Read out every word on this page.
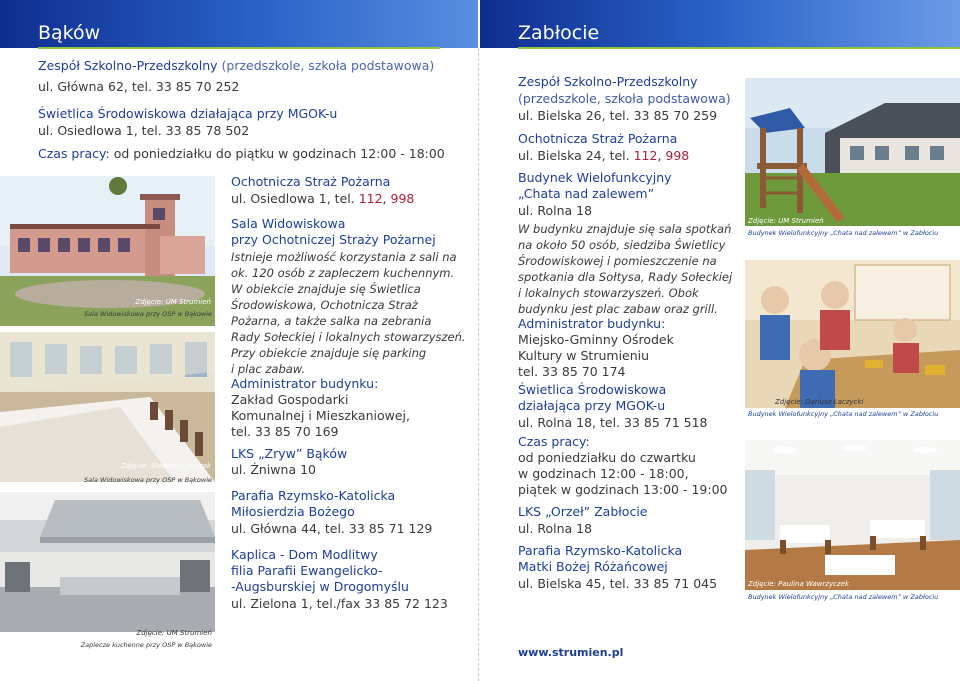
Bąków
Zespół Szkolno-Przedszkolny (przedszkole, szkoła podstawowa)
ul. Główna 62, tel. 33 85 70 252
Świetlica Środowiskowa działająca przy MGOK-u
ul. Osiedlowa 1, tel. 33 85 78 502
Czas pracy: od poniedziałku do piątku w godzinach 12:00 - 18:00
Zdjęcie: UM Strumień
Sala Widowiskowa przy OSP w Bąkowie
Zdjęcie: Sławomir Jurczak
Sala Widowiskowa przy OSP w Bąkowie
Zdjęcie: UM Strumień
Zaplecze kuchenne przy OSP w Bąkowie
Ochotnicza Straż Pożarna
ul. Osiedlowa 1, tel. 112, 998
Sala Widowiskowa
przy Ochotniczej Straży Pożarnej
Istnieje możliwość korzystania z sali na
ok. 120 osób z zapleczem kuchennym.
W obiekcie znajduje się Świetlica
Środowiskowa, Ochotnicza Straż
Pożarna, a także salka na zebrania
Rady Sołeckiej i lokalnych stowarzyszeń.
Przy obiekcie znajduje się parking
i plac zabaw.
Administrator budynku:
Zakład Gospodarki
Komunalnej i Mieszkaniowej,
tel. 33 85 70 169
LKS „Zryw” Bąków
ul. Żniwna 10
Parafia Rzymsko-Katolicka
Miłosierdzia Bożego
ul. Główna 44, tel. 33 85 71 129
Kaplica - Dom Modlitwy
filia Parafii Ewangelicko-
-Augsburskiej w Drogomyślu
ul. Zielona 1, tel./fax 33 85 72 123
Zabłocie
Zespół Szkolno-Przedszkolny
(przedszkole, szkoła podstawowa)
ul. Bielska 26, tel. 33 85 70 259
Ochotnicza Straż Pożarna
ul. Bielska 24, tel. 112, 998
Budynek Wielofunkcyjny
„Chata nad zalewem”
ul. Rolna 18
W budynku znajduje się sala spotkań
na około 50 osób, siedziba Świetlicy
Środowiskowej i pomieszczenie na
spotkania dla Sołtysa, Rady Sołeckiej
i lokalnych stowarzyszeń. Obok
budynku jest plac zabaw oraz grill.
Administrator budynku:
Miejsko-Gminny Ośrodek
Kultury w Strumieniu
tel. 33 85 70 174
Świetlica Środowiskowa
działająca przy MGOK-u
ul. Rolna 18, tel. 33 85 71 518
Czas pracy:
od poniedziałku do czwartku
w godzinach 12:00 - 18:00,
piątek w godzinach 13:00 - 19:00
LKS „Orzeł” Zabłocie
ul. Rolna 18
Parafia Rzymsko-Katolicka
Matki Bożej Różańcowej
ul. Bielska 45, tel. 33 85 71 045
www.strumien.pl
Zdjęcie: UM Strumień
Budynek Wielofunkcyjny „Chata nad zalewem” w Zabłociu
Zdjęcie: Dariusz Łaczycki
Budynek Wielofunkcyjny „Chata nad zalewem” w Zabłociu
Zdjęcie: Paulina Wawrzyczek
Budynek Wielofunkcyjny „Chata nad zalewem” w Zabłociu
